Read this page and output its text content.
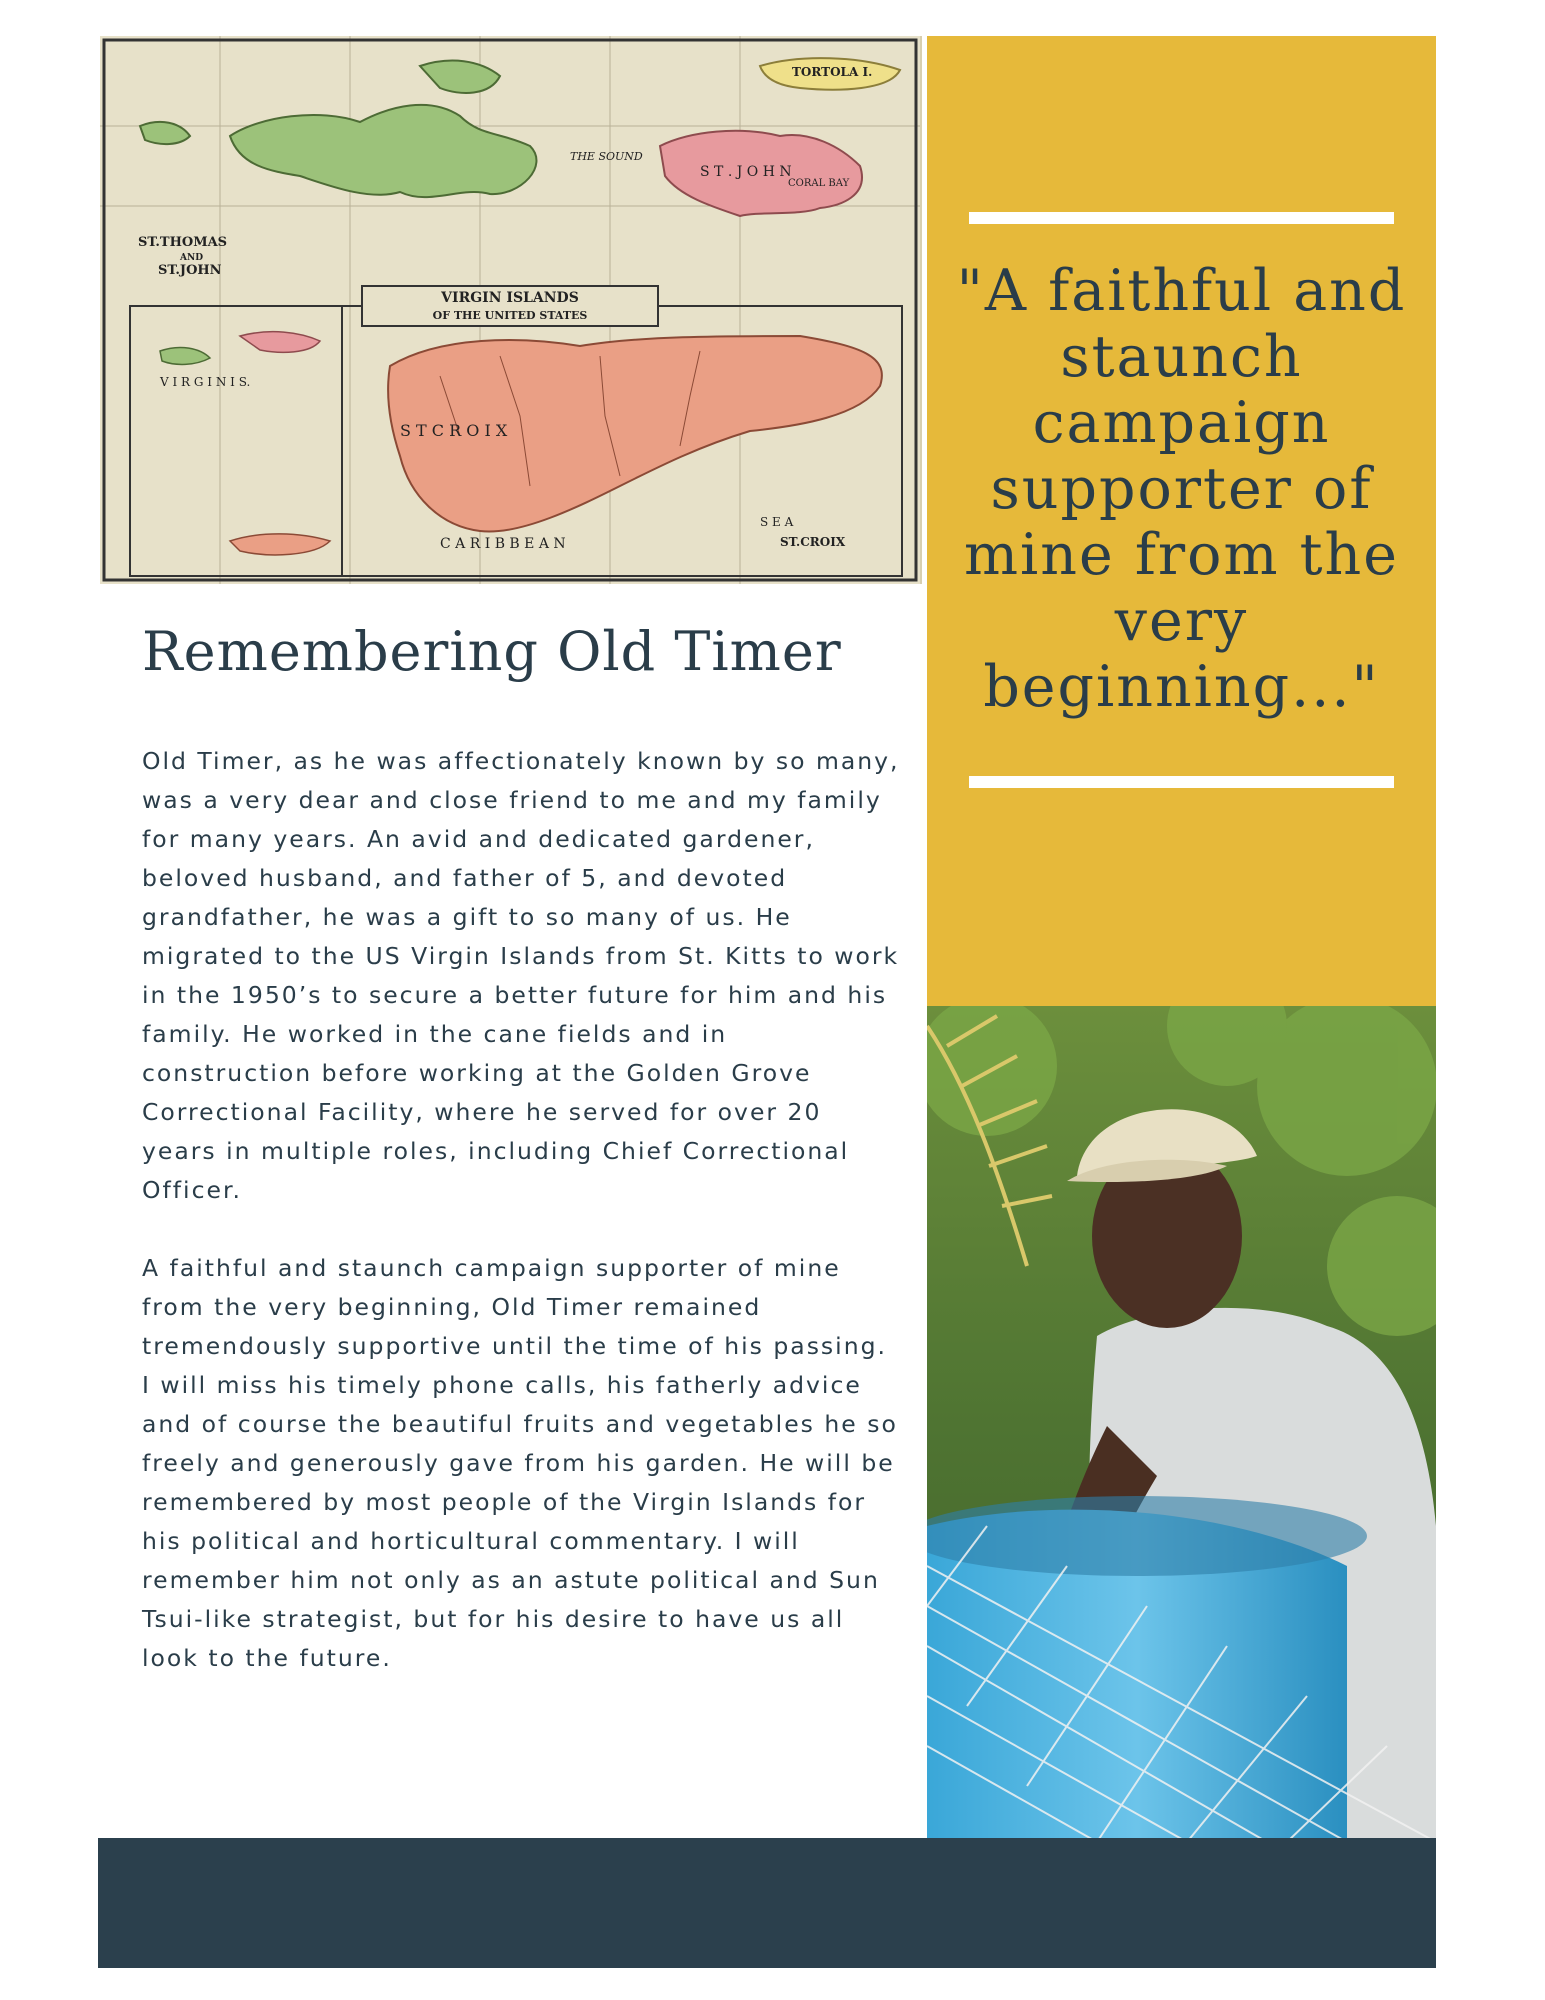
VIRGIN ISLANDS
OF THE UNITED STATES
ST.THOMAS
AND
ST.JOHN
S T . J O H N
TORTOLA I.
THE SOUND
CORAL BAY
S T C R O I X
ST.CROIX
C A R I B B E A N
S E A
V I R G I N I S.

"A faithful and staunch campaign supporter of mine from the very beginning..."

Remembering Old Timer

Old Timer, as he was affectionately known by so many, was a very dear and close friend to me and my family for many years. An avid and dedicated gardener, beloved husband, and father of 5, and devoted grandfather, he was a gift to so many of us. He migrated to the US Virgin Islands from St. Kitts to work in the 1950’s to secure a better future for him and his family. He worked in the cane fields and in construction before working at the Golden Grove Correctional Facility, where he served for over 20 years in multiple roles, including Chief Correctional Officer.

A faithful and staunch campaign supporter of mine from the very beginning, Old Timer remained tremendously supportive until the time of his passing. I will miss his timely phone calls, his fatherly advice and of course the beautiful fruits and vegetables he so freely and generously gave from his garden. He will be remembered by most people of the Virgin Islands for his political and horticultural commentary. I will remember him not only as an astute political and Sun Tsui-like strategist, but for his desire to have us all look to the future.
